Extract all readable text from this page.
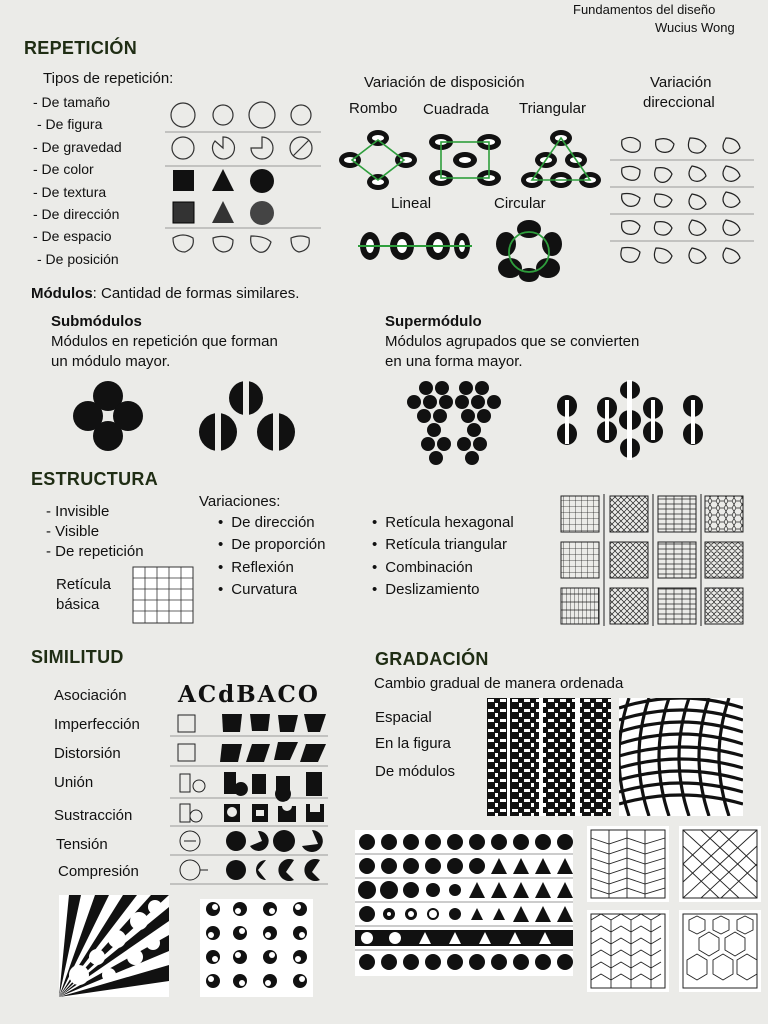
Fundamentos del diseño
Wucius Wong
REPETICIÓN
Tipos de repetición:
- De tamaño
- De figura
- De gravedad
- De color
- De textura
- De dirección
- De espacio
- De posición
Variación de disposición
Rombo Cuadrada Triangular
Lineal	Circular
Variación
direccional
Módulos: Cantidad de formas similares.
Submódulos
Módulos en repetición que forman
un módulo mayor.
Supermódulo
Módulos agrupados que se convierten
en una forma mayor.
ESTRUCTURA
- Invisible
- Visible
- De repetición
Retícula
básica
Variaciones:
• De dirección
• De proporción
• Reflexión
• Curvatura
• Retícula hexagonal
• Retícula triangular
• Combinación
• Deslizamiento
SIMILITUD
Asociación
Imperfección
Distorsión
Unión
Sustracción
Tensión
Compresión
ACdBACO
GRADACIÓN
Cambio gradual de manera ordenada
Espacial
En la figura
De módulos
